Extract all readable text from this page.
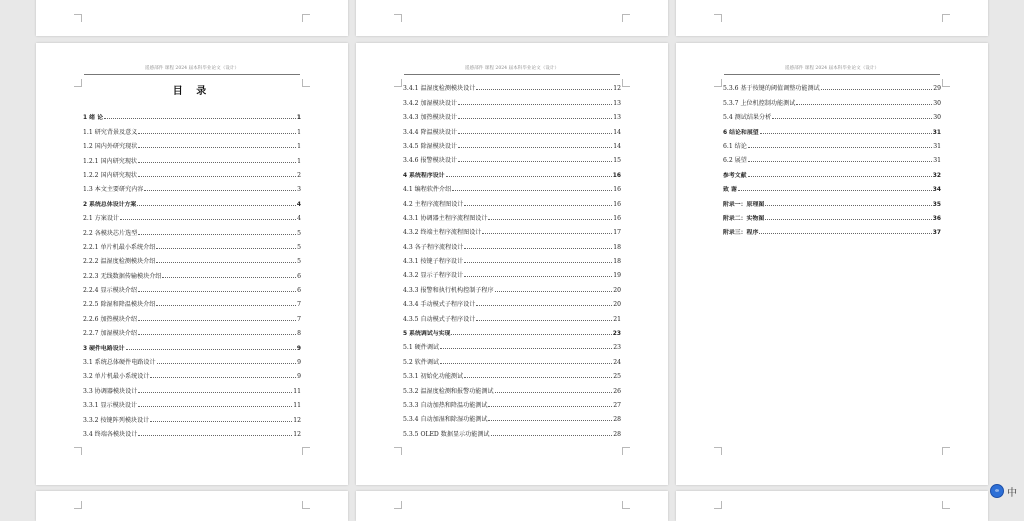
遥感部件 课程 2024 届本科毕业论文（设计）
目 录
1 绪 论	1
1.1 研究背景及意义	1
1.2 国内外研究现状	1
1.2.1 国内研究现状	1
1.2.2 国内研究现状	2
1.3 本文主要研究内容	3
2 系统总体设计方案	4
2.1 方案设计	4
2.2 各模块芯片选型	5
2.2.1 单片机最小系统介绍	5
2.2.2 温湿度检测模块介绍	5
2.2.3 无线数据传输模块介绍	6
2.2.4 显示模块介绍	6
2.2.5 除湿和降温模块介绍	7
2.2.6 加热模块介绍	7
2.2.7 加湿模块介绍	8
3 硬件电路设计	9
3.1 系统总体硬件电路设计	9
3.2 单片机最小系统设计	9
3.3 协调器模块设计	11
3.3.1 显示模块设计	11
3.3.2 按键阵列模块设计	12
3.4 终端各模块设计	12
遥感部件 课程 2024 届本科毕业论文（设计）
3.4.1 温湿度检测模块设计	12
3.4.2 加湿模块设计	13
3.4.3 加热模块设计	13
3.4.4 降温模块设计	14
3.4.5 除湿模块设计	14
3.4.6 报警模块设计	15
4 系统程序设计	16
4.1 编程软件介绍	16
4.2 主程序流程图设计	16
4.3.1 协调器主程序流程图设计	16
4.3.2 终端主程序流程图设计	17
4.3 各子程序流程设计	18
4.3.1 按键子程序设计	18
4.3.2 显示子程序设计	19
4.3.3 报警和执行机构控制子程序	20
4.3.4 手动模式子程序设计	20
4.3.5 自动模式子程序设计	21
5 系统调试与实现	23
5.1 硬件调试	23
5.2 软件调试	24
5.3.1 初始化功能测试	25
5.3.2 温湿度检测和报警功能测试	26
5.3.3 自动加热和降温功能测试	27
5.3.4 自动加湿和除湿功能测试	28
5.3.5 OLED 数据显示功能测试	28
遥感部件 课程 2024 届本科毕业论文（设计）
5.3.6 基于按键的阈值调整功能测试	29
5.3.7 上位机控制功能测试	30
5.4 测试结果分析	30
6 结论和展望	31
6.1 结论	31
6.2 展望	31
参考文献	32
致 谢	34
附录一：原理图	35
附录二：实物图	36
附录三：程序	37
∞ 中
